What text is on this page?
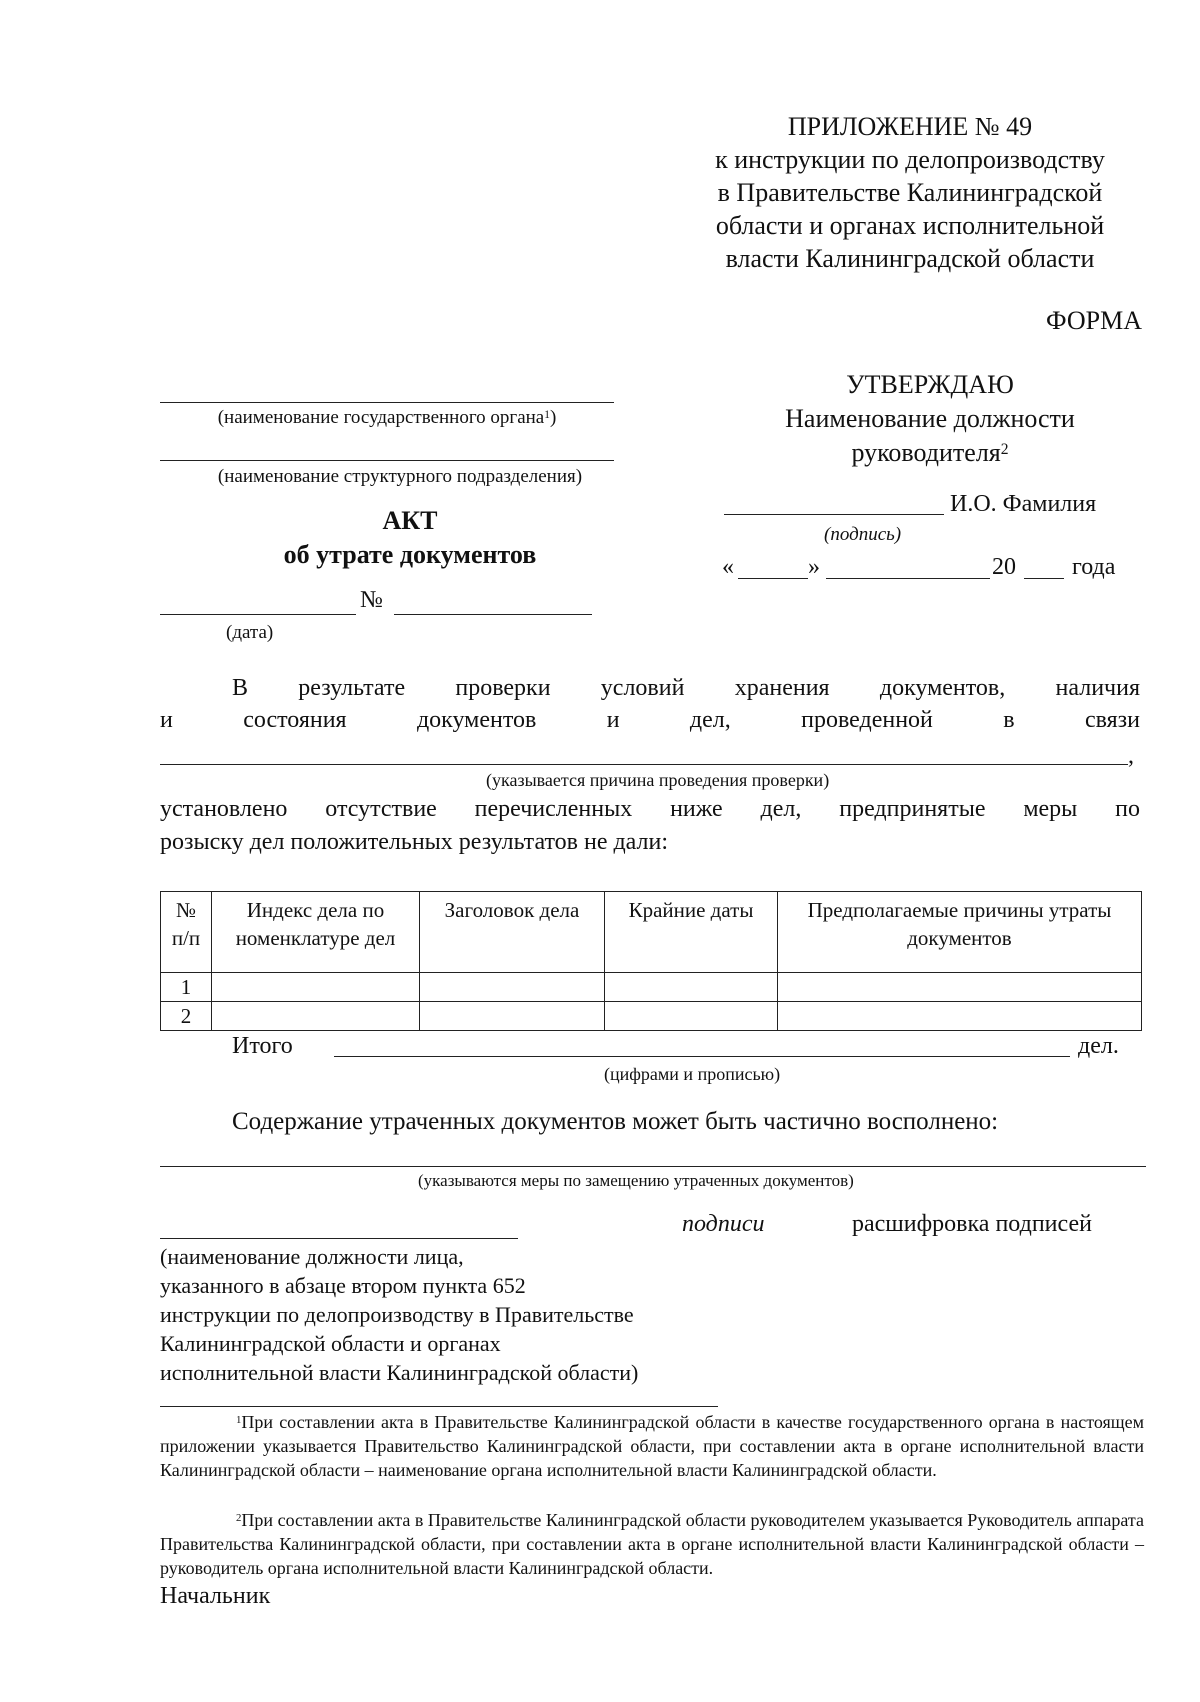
ПРИЛОЖЕНИЕ № 49
к инструкции по делопроизводству
в Правительстве Калининградской
области и органах исполнительной
власти Калининградской области
ФОРМА
(наименование государственного органа$^1$)
(наименование структурного подразделения)
АКТ
об утрате документов
№
(дата)
УТВЕРЖДАЮ
Наименование должности
руководителя$^2$
И.О. Фамилия
(подпись)
«	»	20 года
В результате проверки условий хранения документов, наличия
и состояния документов и дел, проведенной в связи
,
(указывается причина проведения проверки)
установлено отсутствие перечисленных ниже дел, предпринятые меры по
розыску дел положительных результатов не дали:
№ п/п	Индекс дела по номенклатуре дел	Заголовок дела	Крайние даты	Предполагаемые причины утраты документов
1				
2				
Итого	дел.
(цифрами и прописью)
Содержание утраченных документов может быть частично восполнено:
(указываются меры по замещению утраченных документов)
подписи	расшифровка подписей
(наименование должности лица,
указанного в абзаце втором пункта 652
инструкции по делопроизводству в Правительстве
Калининградской области и органах
исполнительной власти Калининградской области)
$^1$При составлении акта в Правительстве Калининградской области в качестве государственного органа в настоящем приложении указывается Правительство Калининградской области, при составлении акта в органе исполнительной власти Калининградской области – наименование органа исполнительной власти Калининградской области.
$^2$При составлении акта в Правительстве Калининградской области руководителем указывается Руководитель аппарата Правительства Калининградской области, при составлении акта в органе исполнительной власти Калининградской области – руководитель органа исполнительной власти Калининградской области.
Начальник
